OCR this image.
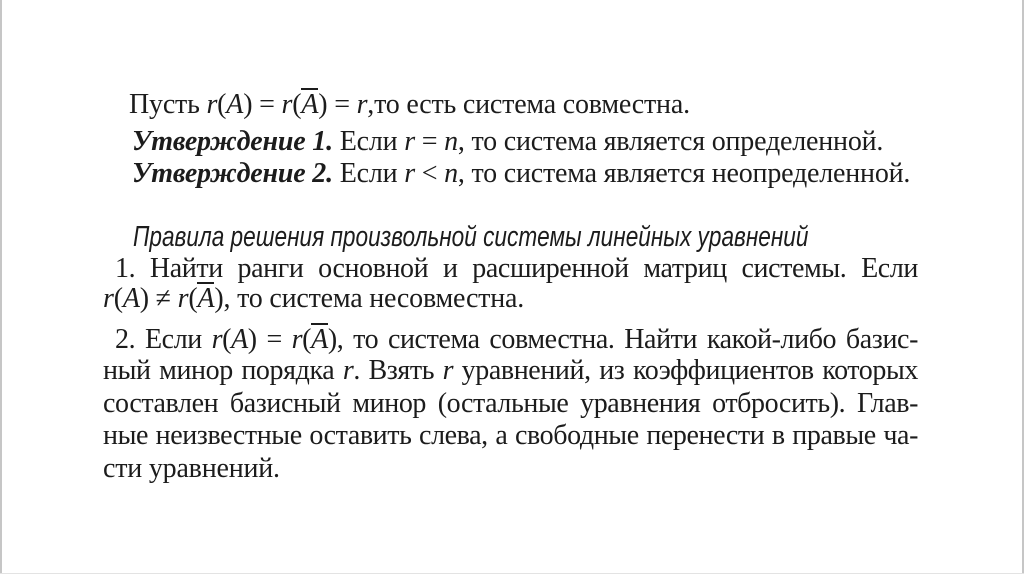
Пусть r(A) = r(A) = r,то есть система совместна.
Утверждение 1. Если r = n, то система является определенной.
Утверждение 2. Если r < n, то система является неопределенной.
Правила решения произвольной системы линейных уравнений
1. Найти ранги основной и расширенной матриц системы. Если
r(A) ≠ r(A), то система несовместна.
2. Если r(A) = r(A), то система совместна. Найти какой-либо базис-
ный минор порядка r. Взять r уравнений, из коэффициентов которых
составлен базисный минор (остальные уравнения отбросить). Глав-
ные неизвестные оставить слева, а свободные перенести в правые ча-
сти уравнений.
